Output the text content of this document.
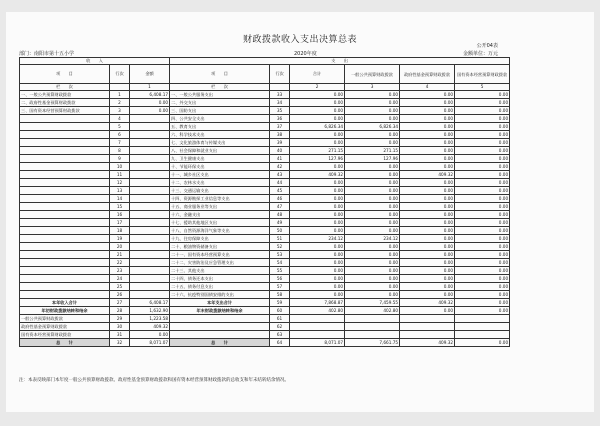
财政拨款收入支出决算总表
公开04表
部门：南阳市第十五小学	2020年度	金额单位：万元
收　　入			支　　出					
项　　目	行次	金额	项　　目	行次	合计	一般公共预算财政拨款	政府性基金预算财政拨款	国有资本经营预算财政拨款
栏　　次		1	栏　　次		2	3	4	5
一、一般公共预算财政拨款	1	6,408.17	一、一般公共服务支出	33	0.00	0.00	0.00	0.00
二、政府性基金预算财政拨款	2	0.00	二、外交支出	34	0.00	0.00	0.00	0.00
三、国有资本经营预算财政拨款	3	0.00	三、国防支出	35	0.00	0.00	0.00	0.00
	4		四、公共安全支出	36	0.00	0.00	0.00	0.00
	5		五、教育支出	37	6,826.34	6,826.34	0.00	0.00
	6		六、科学技术支出	38	0.00	0.00	0.00	0.00
	7		七、文化旅游体育与传媒支出	39	0.00	0.00	0.00	0.00
	8		八、社会保障和就业支出	40	271.15	271.15	0.00	0.00
	9		九、卫生健康支出	41	127.96	127.96	0.00	0.00
	10		十、节能环保支出	42	0.00	0.00	0.00	0.00
	11		十一、城乡社区支出	43	409.32	0.00	409.32	0.00
	12		十二、农林水支出	44	0.00	0.00	0.00	0.00
	13		十三、交通运输支出	45	0.00	0.00	0.00	0.00
	14		十四、资源勘探工业信息等支出	46	0.00	0.00	0.00	0.00
	15		十五、商业服务业等支出	47	0.00	0.00	0.00	0.00
	16		十六、金融支出	48	0.00	0.00	0.00	0.00
	17		十七、援助其他地区支出	49	0.00	0.00	0.00	0.00
	18		十八、自然资源海洋气象等支出	50	0.00	0.00	0.00	0.00
	19		十九、住房保障支出	51	234.12	234.12	0.00	0.00
	20		二十、粮油物资储备支出	52	0.00	0.00	0.00	0.00
	21		二十一、国有资本经营预算支出	53	0.00	0.00	0.00	0.00
	22		二十二、灾害防治及应急管理支出	54	0.00	0.00	0.00	0.00
	23		二十三、其他支出	55	0.00	0.00	0.00	0.00
	24		二十四、债务还本支出	56	0.00	0.00	0.00	0.00
	25		二十五、债务付息支出	57	0.00	0.00	0.00	0.00
	26		二十六、抗疫特别国债安排的支出	58	0.00	0.00	0.00	0.00
本年收入合计	27	6,408.17	本年支出合计	59	7,868.87	7,459.55	409.32	0.00
年初财政拨款结转和结余	28	1,632.90	年末财政拨款结转和结余	60	402.80	402.80	0.00	0.00
一般公共预算财政拨款	29	1,223.58		61				
政府性基金预算财政拨款	30	409.32		62				
国有资本经营预算财政拨款	31	0.00		63				
总　　计	32	8,071.07	总　　计	64	8,071.07	7,661.75	409.32	0.00
注：本表反映部门本年度一般公共预算财政拨款、政府性基金预算财政拨款和国有资本经营预算财政拨款的总收支和年末结转结余情况。
